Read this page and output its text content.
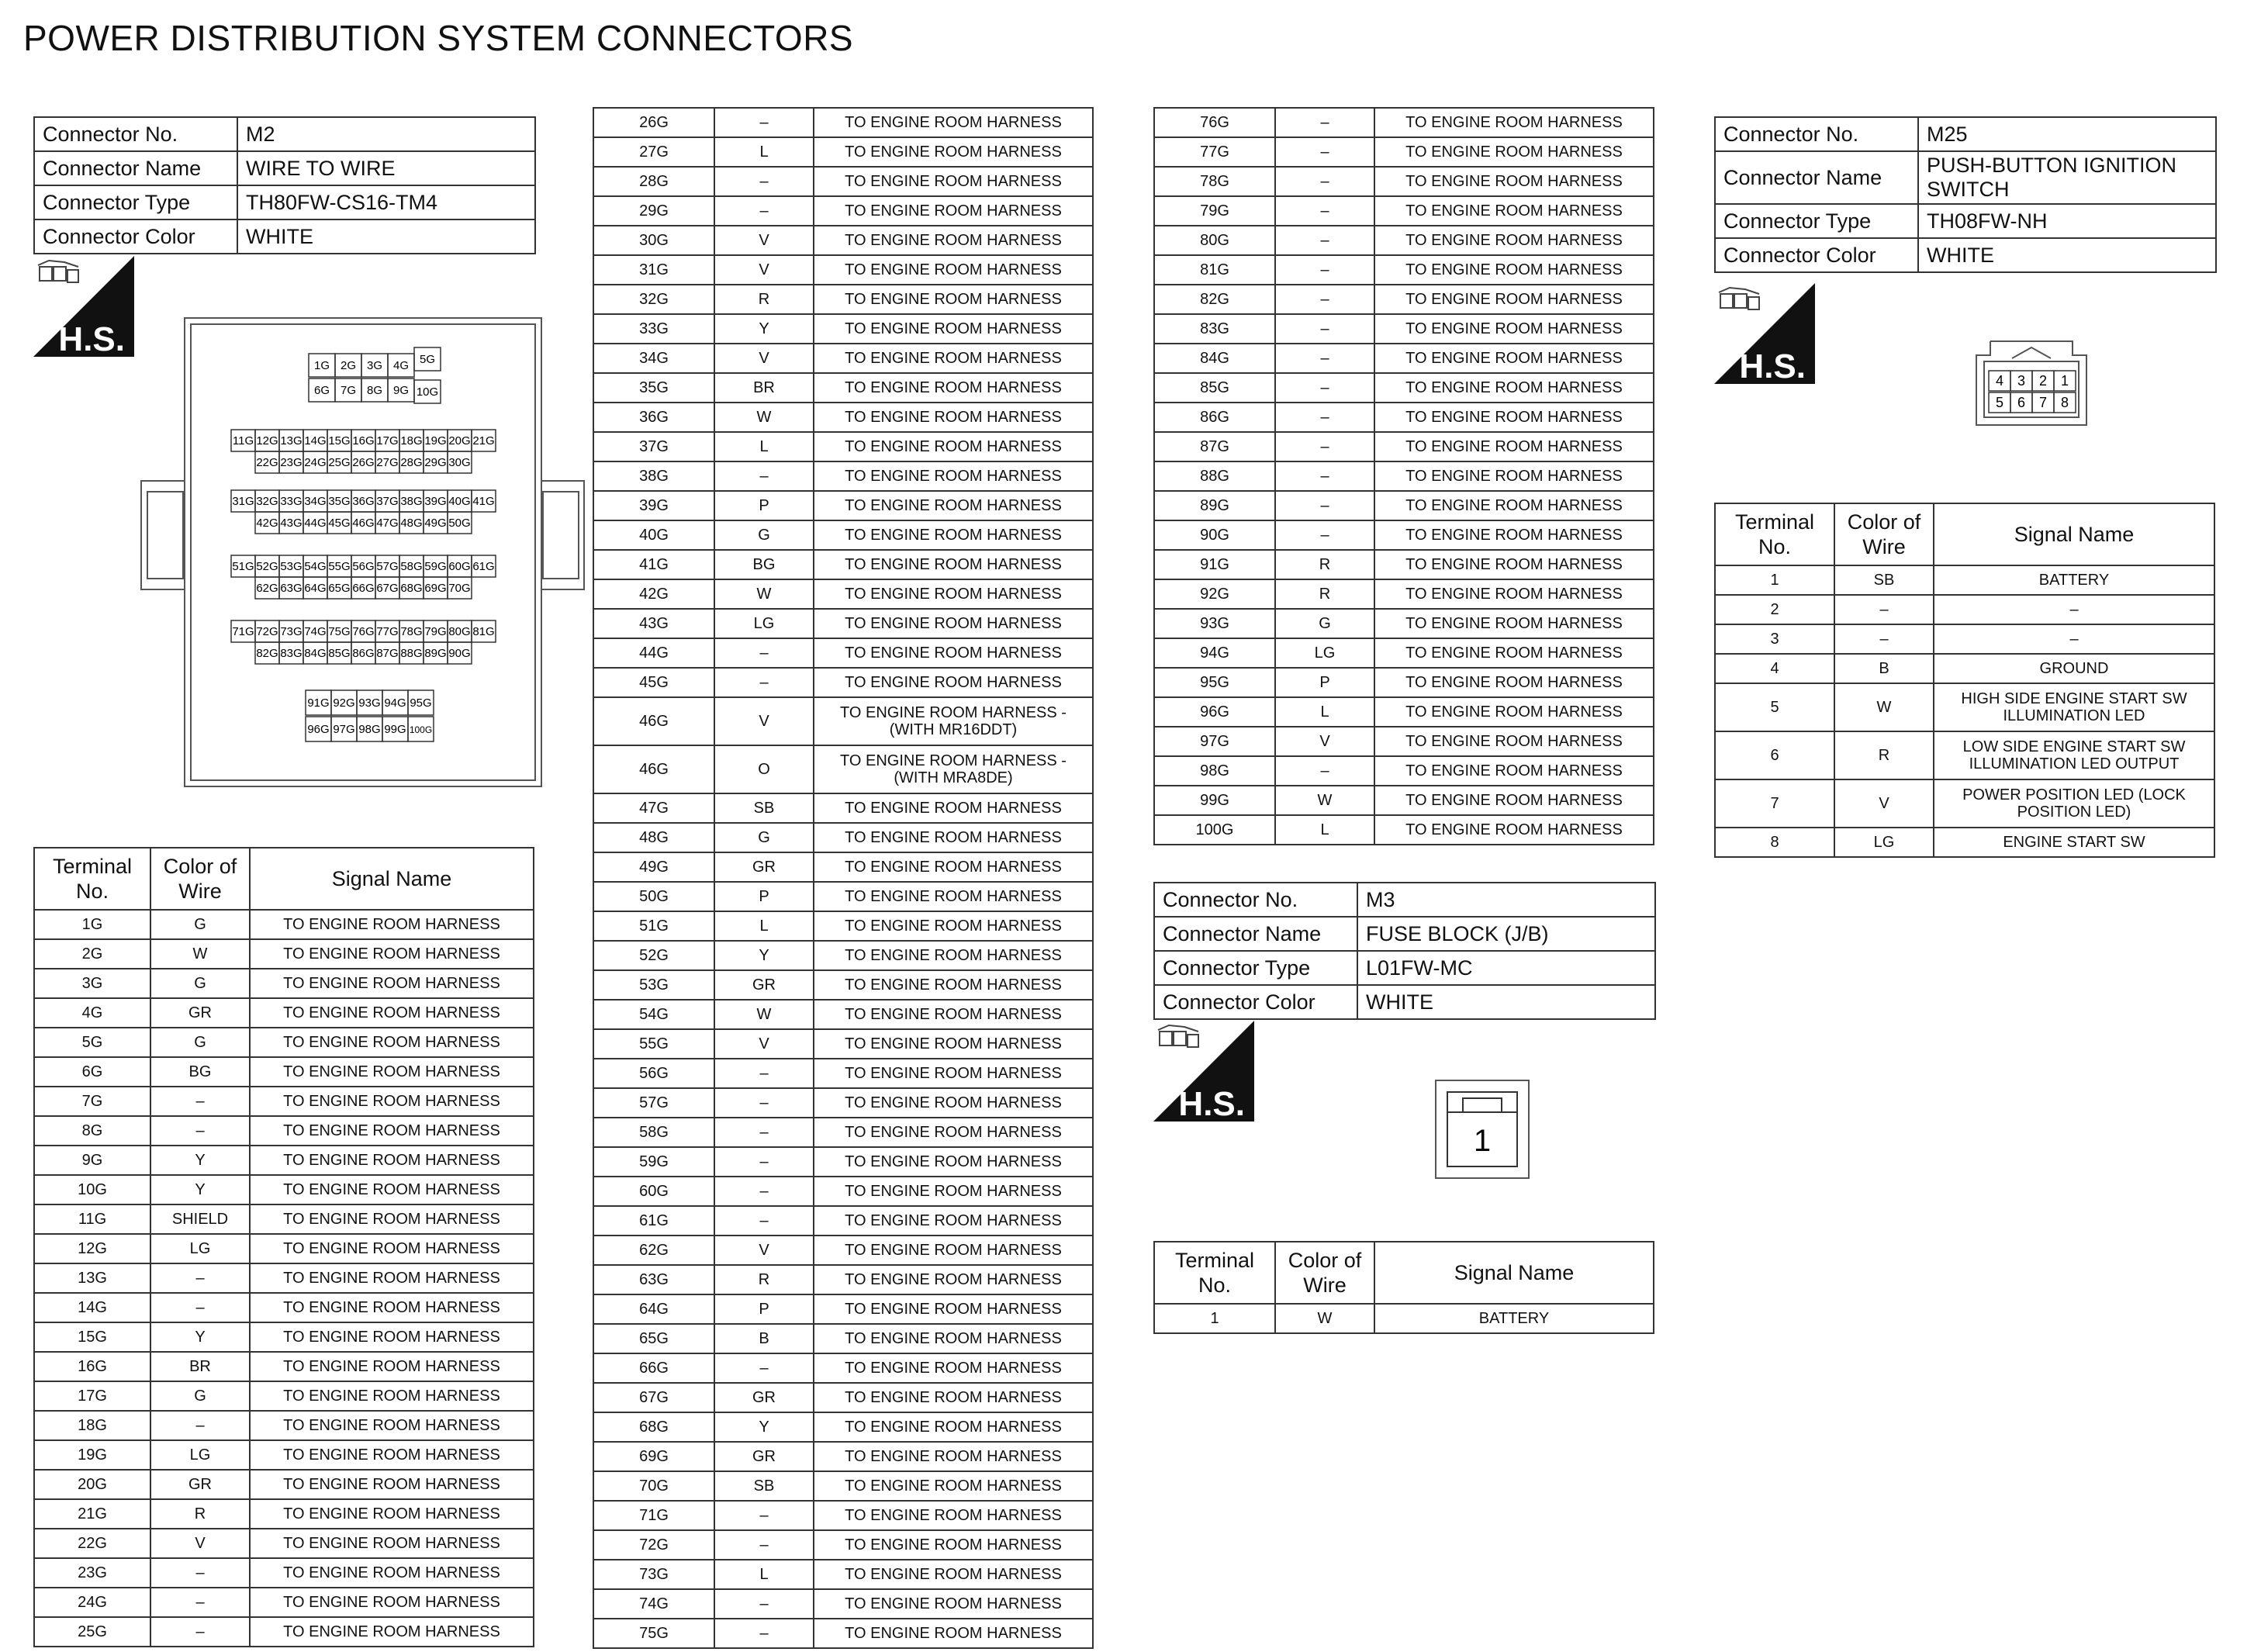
POWER DISTRIBUTION SYSTEM CONNECTORS
Connector No.	M2
Connector Name	WIRE TO WIRE
Connector Type	TH80FW-CS16-TM4
Connector Color	WHITE
H.S.
1G 2G 3G 4G 5G
6G 7G 8G 9G 10G
11G 12G 13G 14G 15G 16G 17G 18G 19G 20G 21G
22G 23G 24G 25G 26G 27G 28G 29G 30G
31G 32G 33G 34G 35G 36G 37G 38G 39G 40G 41G
42G 43G 44G 45G 46G 47G 48G 49G 50G
51G 52G 53G 54G 55G 56G 57G 58G 59G 60G 61G
62G 63G 64G 65G 66G 67G 68G 69G 70G
71G 72G 73G 74G 75G 76G 77G 78G 79G 80G 81G
82G 83G 84G 85G 86G 87G 88G 89G 90G
91G 92G 93G 94G 95G
96G 97G 98G 99G 100G
Terminal No.	Color of Wire	Signal Name
1G	G	TO ENGINE ROOM HARNESS
2G	W	TO ENGINE ROOM HARNESS
3G	G	TO ENGINE ROOM HARNESS
4G	GR	TO ENGINE ROOM HARNESS
5G	G	TO ENGINE ROOM HARNESS
6G	BG	TO ENGINE ROOM HARNESS
7G	–	TO ENGINE ROOM HARNESS
8G	–	TO ENGINE ROOM HARNESS
9G	Y	TO ENGINE ROOM HARNESS
10G	Y	TO ENGINE ROOM HARNESS
11G	SHIELD	TO ENGINE ROOM HARNESS
12G	LG	TO ENGINE ROOM HARNESS
13G	–	TO ENGINE ROOM HARNESS
14G	–	TO ENGINE ROOM HARNESS
15G	Y	TO ENGINE ROOM HARNESS
16G	BR	TO ENGINE ROOM HARNESS
17G	G	TO ENGINE ROOM HARNESS
18G	–	TO ENGINE ROOM HARNESS
19G	LG	TO ENGINE ROOM HARNESS
20G	GR	TO ENGINE ROOM HARNESS
21G	R	TO ENGINE ROOM HARNESS
22G	V	TO ENGINE ROOM HARNESS
23G	–	TO ENGINE ROOM HARNESS
24G	–	TO ENGINE ROOM HARNESS
25G	–	TO ENGINE ROOM HARNESS
26G	–	TO ENGINE ROOM HARNESS
27G	L	TO ENGINE ROOM HARNESS
28G	–	TO ENGINE ROOM HARNESS
29G	–	TO ENGINE ROOM HARNESS
30G	V	TO ENGINE ROOM HARNESS
31G	V	TO ENGINE ROOM HARNESS
32G	R	TO ENGINE ROOM HARNESS
33G	Y	TO ENGINE ROOM HARNESS
34G	V	TO ENGINE ROOM HARNESS
35G	BR	TO ENGINE ROOM HARNESS
36G	W	TO ENGINE ROOM HARNESS
37G	L	TO ENGINE ROOM HARNESS
38G	–	TO ENGINE ROOM HARNESS
39G	P	TO ENGINE ROOM HARNESS
40G	G	TO ENGINE ROOM HARNESS
41G	BG	TO ENGINE ROOM HARNESS
42G	W	TO ENGINE ROOM HARNESS
43G	LG	TO ENGINE ROOM HARNESS
44G	–	TO ENGINE ROOM HARNESS
45G	–	TO ENGINE ROOM HARNESS
46G	V	TO ENGINE ROOM HARNESS - (WITH MR16DDT)
46G	O	TO ENGINE ROOM HARNESS - (WITH MRA8DE)
47G	SB	TO ENGINE ROOM HARNESS
48G	G	TO ENGINE ROOM HARNESS
49G	GR	TO ENGINE ROOM HARNESS
50G	P	TO ENGINE ROOM HARNESS
51G	L	TO ENGINE ROOM HARNESS
52G	Y	TO ENGINE ROOM HARNESS
53G	GR	TO ENGINE ROOM HARNESS
54G	W	TO ENGINE ROOM HARNESS
55G	V	TO ENGINE ROOM HARNESS
56G	–	TO ENGINE ROOM HARNESS
57G	–	TO ENGINE ROOM HARNESS
58G	–	TO ENGINE ROOM HARNESS
59G	–	TO ENGINE ROOM HARNESS
60G	–	TO ENGINE ROOM HARNESS
61G	–	TO ENGINE ROOM HARNESS
62G	V	TO ENGINE ROOM HARNESS
63G	R	TO ENGINE ROOM HARNESS
64G	P	TO ENGINE ROOM HARNESS
65G	B	TO ENGINE ROOM HARNESS
66G	–	TO ENGINE ROOM HARNESS
67G	GR	TO ENGINE ROOM HARNESS
68G	Y	TO ENGINE ROOM HARNESS
69G	GR	TO ENGINE ROOM HARNESS
70G	SB	TO ENGINE ROOM HARNESS
71G	–	TO ENGINE ROOM HARNESS
72G	–	TO ENGINE ROOM HARNESS
73G	L	TO ENGINE ROOM HARNESS
74G	–	TO ENGINE ROOM HARNESS
75G	–	TO ENGINE ROOM HARNESS
76G	–	TO ENGINE ROOM HARNESS
77G	–	TO ENGINE ROOM HARNESS
78G	–	TO ENGINE ROOM HARNESS
79G	–	TO ENGINE ROOM HARNESS
80G	–	TO ENGINE ROOM HARNESS
81G	–	TO ENGINE ROOM HARNESS
82G	–	TO ENGINE ROOM HARNESS
83G	–	TO ENGINE ROOM HARNESS
84G	–	TO ENGINE ROOM HARNESS
85G	–	TO ENGINE ROOM HARNESS
86G	–	TO ENGINE ROOM HARNESS
87G	–	TO ENGINE ROOM HARNESS
88G	–	TO ENGINE ROOM HARNESS
89G	–	TO ENGINE ROOM HARNESS
90G	–	TO ENGINE ROOM HARNESS
91G	R	TO ENGINE ROOM HARNESS
92G	R	TO ENGINE ROOM HARNESS
93G	G	TO ENGINE ROOM HARNESS
94G	LG	TO ENGINE ROOM HARNESS
95G	P	TO ENGINE ROOM HARNESS
96G	L	TO ENGINE ROOM HARNESS
97G	V	TO ENGINE ROOM HARNESS
98G	–	TO ENGINE ROOM HARNESS
99G	W	TO ENGINE ROOM HARNESS
100G	L	TO ENGINE ROOM HARNESS
Connector No.	M3
Connector Name	FUSE BLOCK (J/B)
Connector Type	L01FW-MC
Connector Color	WHITE
H.S.
1
Terminal No.	Color of Wire	Signal Name
1	W	BATTERY
Connector No.	M25
Connector Name	PUSH-BUTTON IGNITION SWITCH
Connector Type	TH08FW-NH
Connector Color	WHITE
H.S.	4 3 2 1
5 6 7 8
Terminal No.	Color of Wire	Signal Name
1	SB	BATTERY
2	–	–
3	–	–
4	B	GROUND
5	W	HIGH SIDE ENGINE START SW ILLUMINATION LED
6	R	LOW SIDE ENGINE START SW ILLUMINATION LED OUTPUT
7	V	POWER POSITION LED (LOCK POSITION LED)
8	LG	ENGINE START SW
